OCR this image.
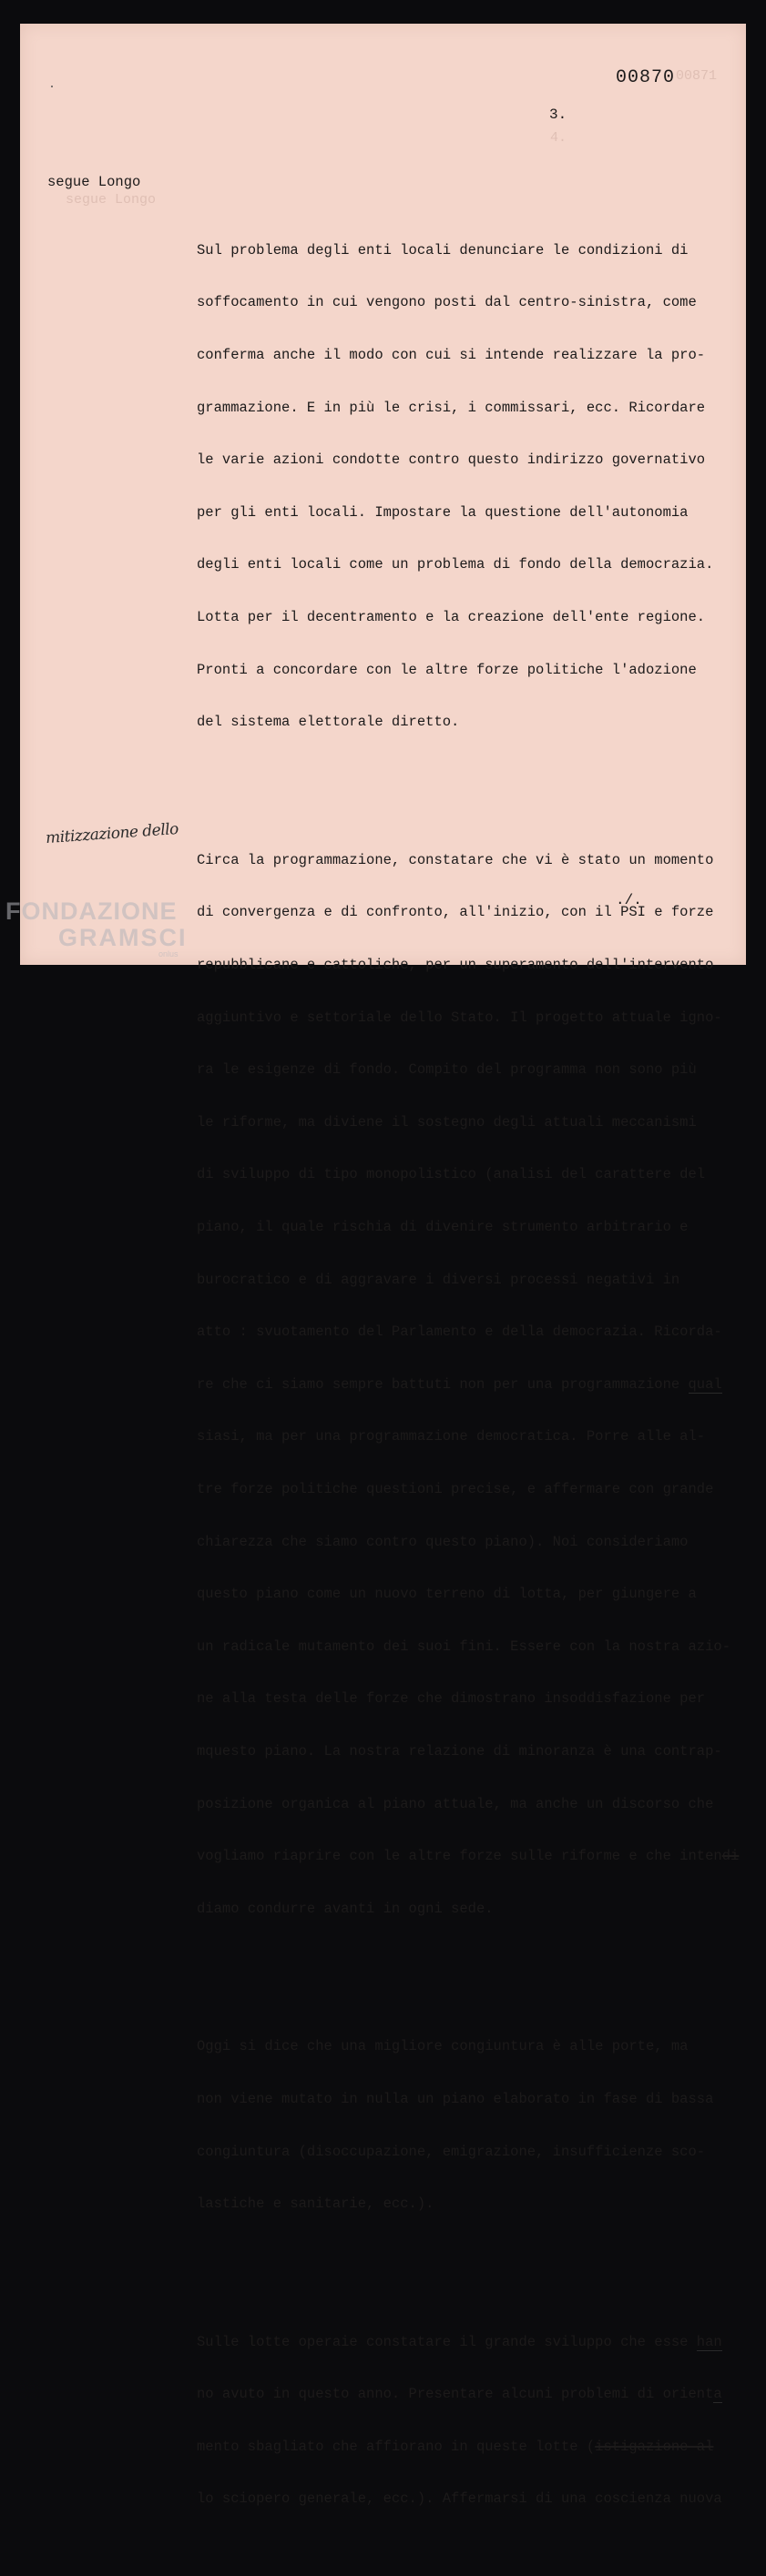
00871
4.
segue Longo
00870
3.
segue Longo

Sul problema degli enti locali denunciare le condizioni di

soffocamento in cui vengono posti dal centro-sinistra, come

conferma anche il modo con cui si intende realizzare la pro-

grammazione. E in più le crisi, i commissari, ecc. Ricordare

le varie azioni condotte contro questo indirizzo governativo

per gli enti locali. Impostare la questione dell'autonomia

degli enti locali come un problema di fondo della democrazia.

Lotta per il decentramento e la creazione dell'ente regione.

Pronti a concordare con le altre forze politiche l'adozione

del sistema elettorale diretto.

Circa la programmazione, constatare che vi è stato un momento

di convergenza e di confronto, all'inizio, con il PSI e forze

repubblicane e cattoliche, per un superamento dell'intervento

aggiuntivo e settoriale dello Stato. Il progetto attuale igno-

ra le esigenze di fondo. Compito del programma non sono più

le riforme, ma diviene il sostegno degli attuali meccanismi

di sviluppo di tipo monopolistico (analisi del carattere del

piano, il quale rischia di divenire strumento arbitrario e

burocratico e di aggravare i diversi processi negativi in

atto : svuotamento del Parlamento e della democrazia. Ricorda-

re che ci siamo sempre battuti non per una programmazione qual

siasi, ma per una programmazione democratica. Porre alle al-

tre forze politiche questioni precise, e affermare con grande

chiarezza che siamo contro questo piano). Noi consideriamo

questo piano come un nuovo terreno di lotta, per giungere a

un radicale mutamento dei suoi fini. Essere con la nostra azio-

ne alla testa delle forze che dimostrano insoddisfazione per

mquesto piano. La nostra relazione di minoranza è una contrap-

posizione organica al piano attuale, ma anche un discorso che

vogliamo riaprire con le altre forze sulle riforme e che intendi

diamo condurre avanti in ogni sede.

Oggi si dice che una migliore congiuntura è alle porte, ma

non viene mutato in nulla un piano elaborato in fase di bassa

congiuntura (disoccupazione, emigrazione, insufficienze sco-

lastiche e sanitarie, ecc.).

Sulle lotte operaie constatare il grande sviluppo che esse han

no avuto in questo anno. Presentare alcuni problemi di orienta

mento sbagliato che affiorano in queste lotte (istigazione al

lo sciopero generale, ecc.). Affermarsi di una coscienza nuova

mitizzazione dello
./.
FONDAZIONE
GRAMSCI
onlus
